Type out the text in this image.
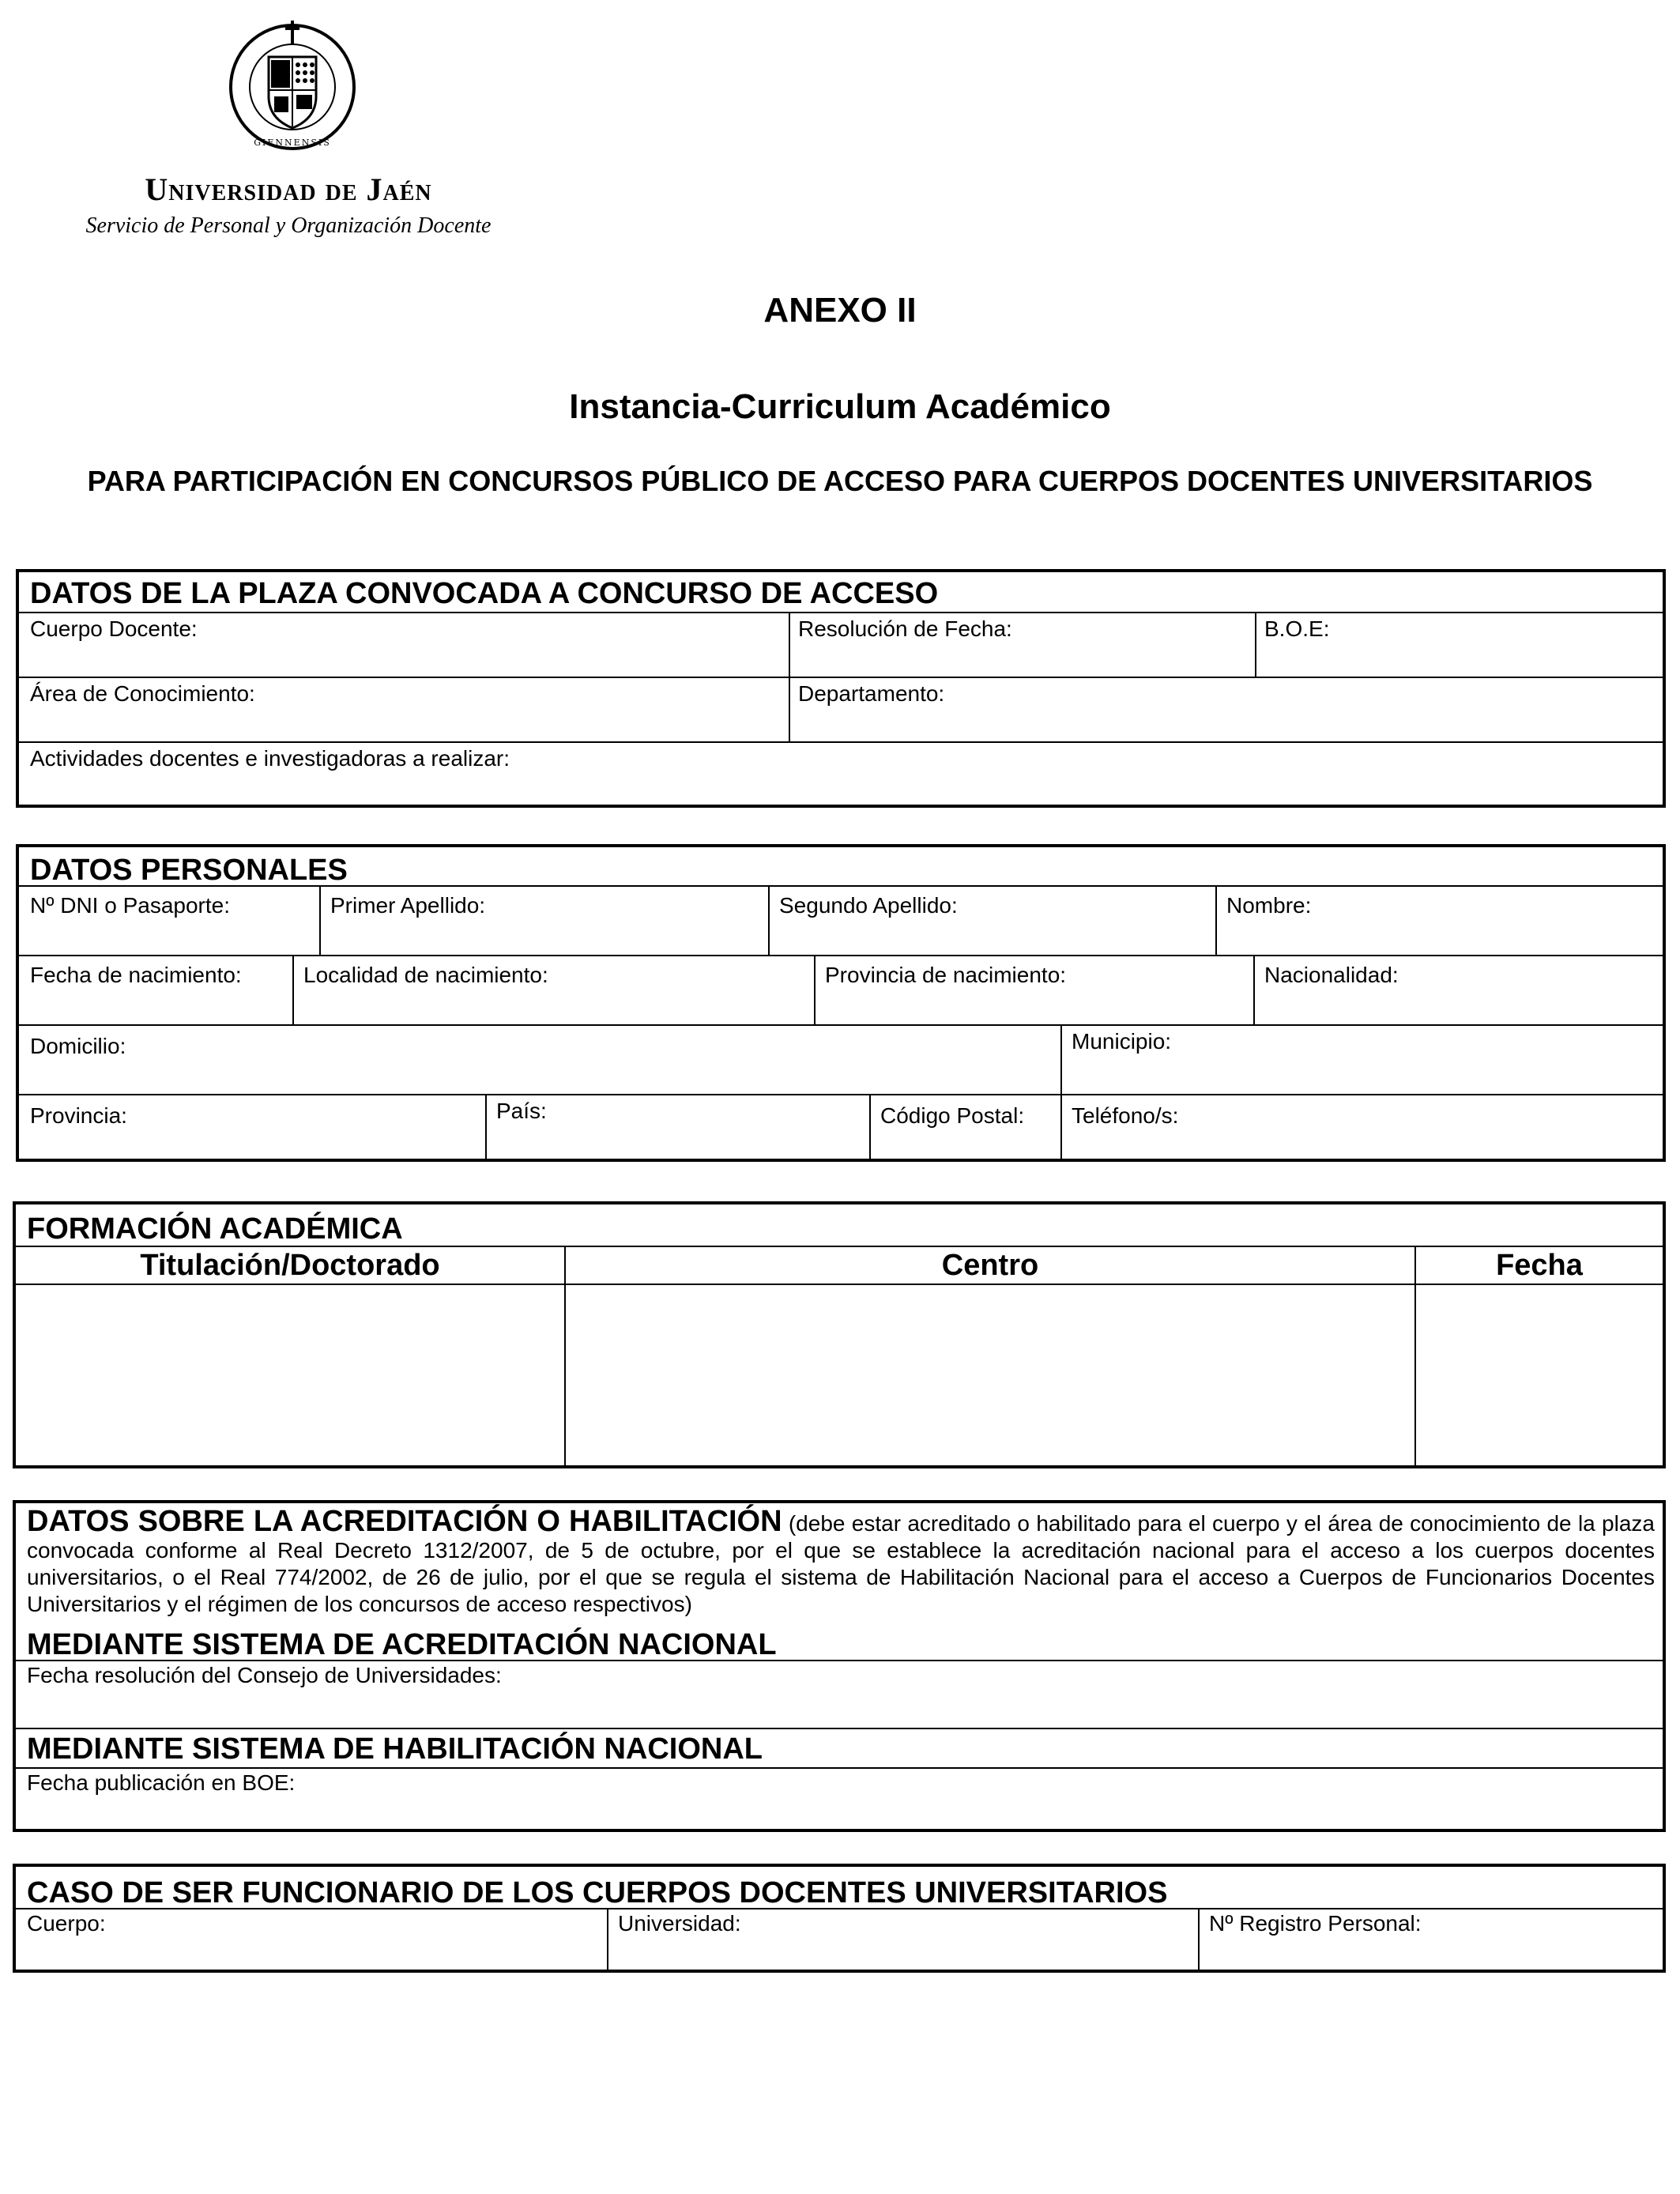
GIENNENSIS
Universidad de Jaén
Servicio de Personal y Organización Docente
ANEXO II
Instancia-Curriculum Académico
PARA PARTICIPACIÓN EN CONCURSOS PÚBLICO DE ACCESO PARA CUERPOS DOCENTES UNIVERSITARIOS
DATOS DE LA PLAZA CONVOCADA A CONCURSO DE ACCESO
Cuerpo Docente:	Resolución de Fecha:	B.O.E:
Área de Conocimiento:	Departamento:
Actividades docentes e investigadoras a realizar:
DATOS PERSONALES
Nº DNI o Pasaporte:	Primer Apellido:	Segundo Apellido:	Nombre:
Fecha de nacimiento:	Localidad de nacimiento:	Provincia de nacimiento:	Nacionalidad:
Domicilio:	Municipio:
Provincia:	País:	Código Postal: Teléfono/s:
FORMACIÓN ACADÉMICA
Titulación/Doctorado	Centro	Fecha
DATOS SOBRE LA ACREDITACIÓN O HABILITACIÓN (debe estar acreditado o habilitado para el cuerpo y el área de conocimiento de la plaza convocada conforme al Real Decreto 1312/2007, de 5 de octubre, por el que se establece la acreditación nacional para el acceso a los cuerpos docentes universitarios, o el Real 774/2002, de 26 de julio, por el que se regula el sistema de Habilitación Nacional para el acceso a Cuerpos de Funcionarios Docentes Universitarios y el régimen de los concursos de acceso respectivos)
MEDIANTE SISTEMA DE ACREDITACIÓN NACIONAL
Fecha resolución del Consejo de Universidades:
MEDIANTE SISTEMA DE HABILITACIÓN NACIONAL
Fecha publicación en BOE:
CASO DE SER FUNCIONARIO DE LOS CUERPOS DOCENTES UNIVERSITARIOS
Cuerpo:	Universidad:	Nº Registro Personal:
